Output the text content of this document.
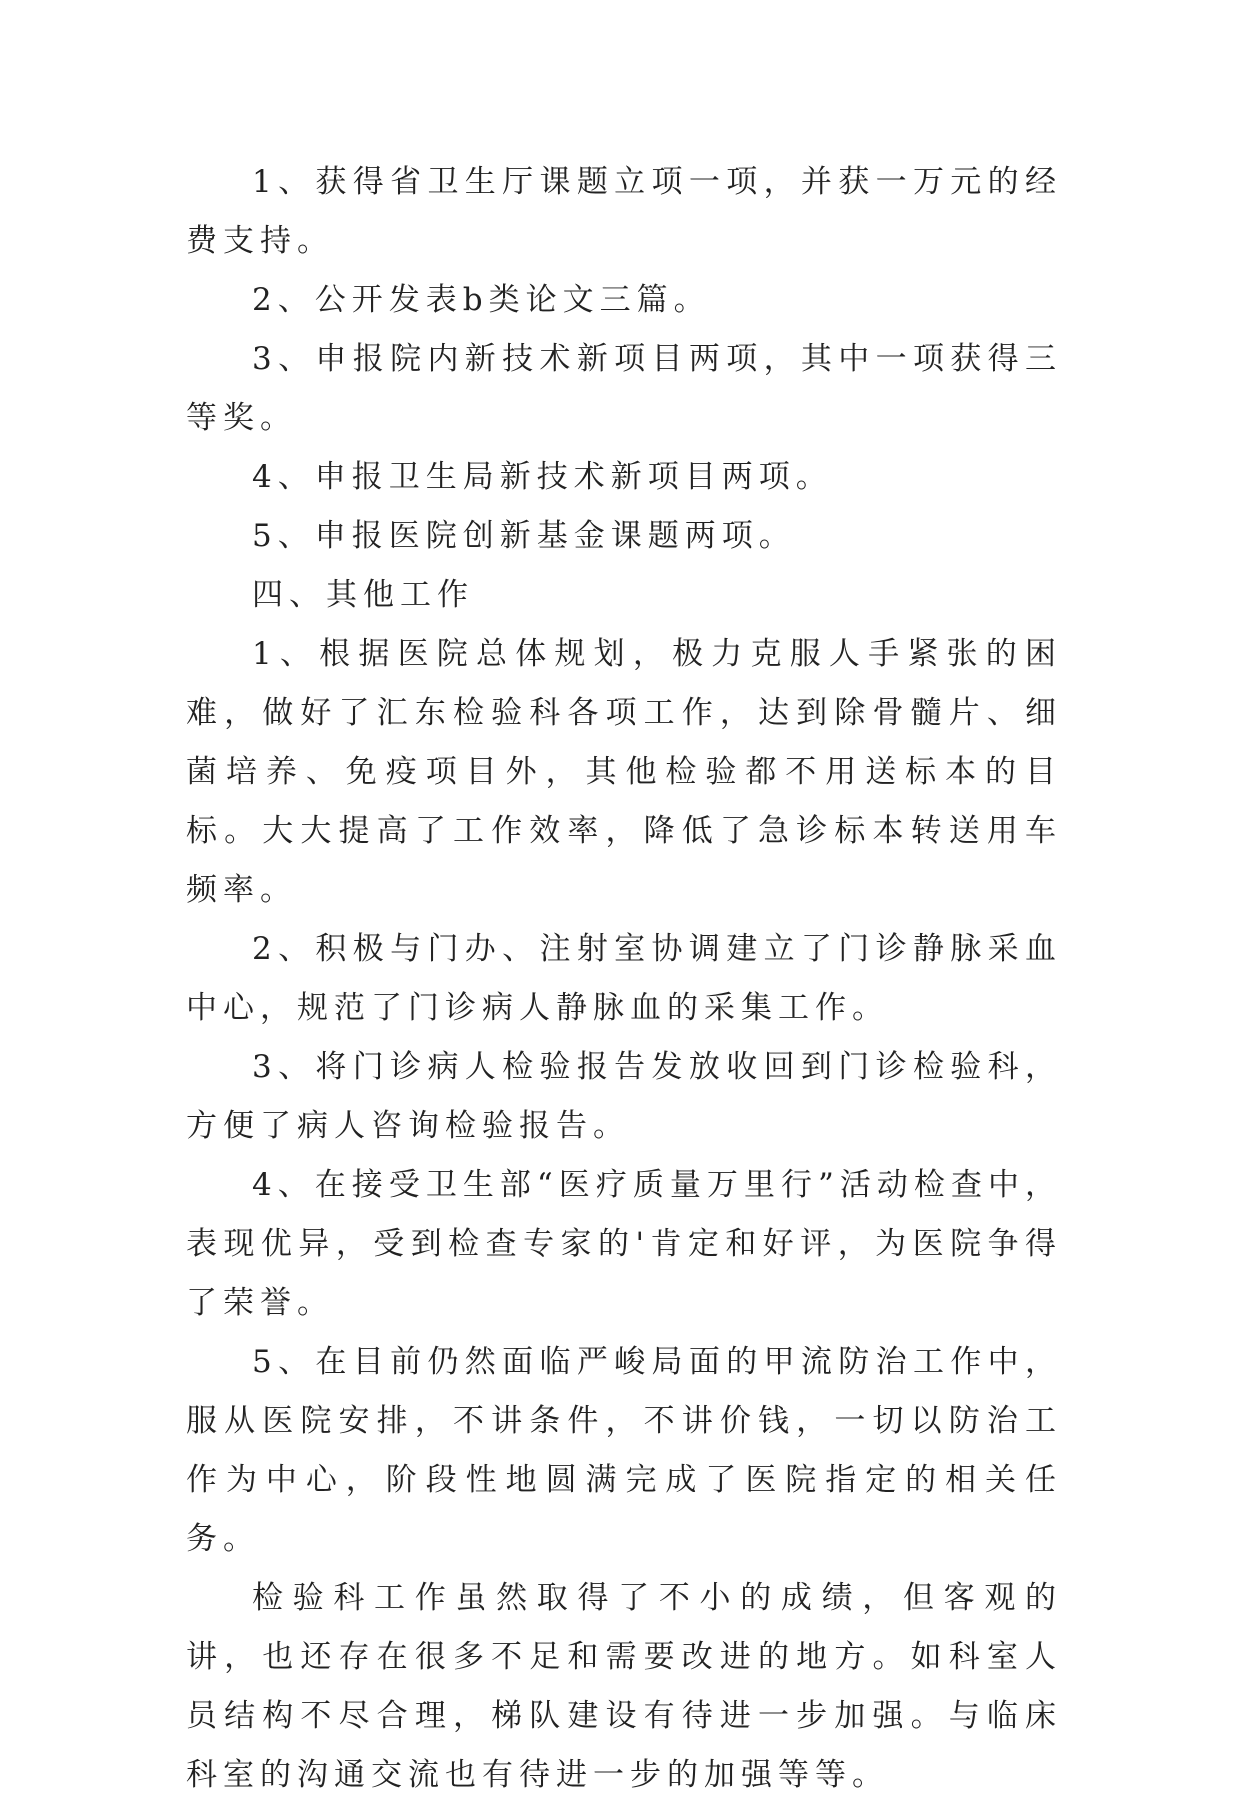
1、获得省卫生厅课题立项一项，并获一万元的经费支持。

2、公开发表b类论文三篇。

3、申报院内新技术新项目两项，其中一项获得三等奖。

4、申报卫生局新技术新项目两项。

5、申报医院创新基金课题两项。

四、其他工作

1、根据医院总体规划，极力克服人手紧张的困难，做好了汇东检验科各项工作，达到除骨髓片、细菌培养、免疫项目外，其他检验都不用送标本的目标。大大提高了工作效率，降低了急诊标本转送用车频率。

2、积极与门办、注射室协调建立了门诊静脉采血中心，规范了门诊病人静脉血的采集工作。

3、将门诊病人检验报告发放收回到门诊检验科，方便了病人咨询检验报告。

4、在接受卫生部“医疗质量万里行”活动检查中，表现优异，受到检查专家的'肯定和好评，为医院争得了荣誉。

5、在目前仍然面临严峻局面的甲流防治工作中，服从医院安排，不讲条件，不讲价钱，一切以防治工作为中心，阶段性地圆满完成了医院指定的相关任务。

检验科工作虽然取得了不小的成绩，但客观的讲，也还存在很多不足和需要改进的地方。如科室人员结构不尽合理，梯队建设有待进一步加强。与临床科室的沟通交流也有待进一步的加强等等。
